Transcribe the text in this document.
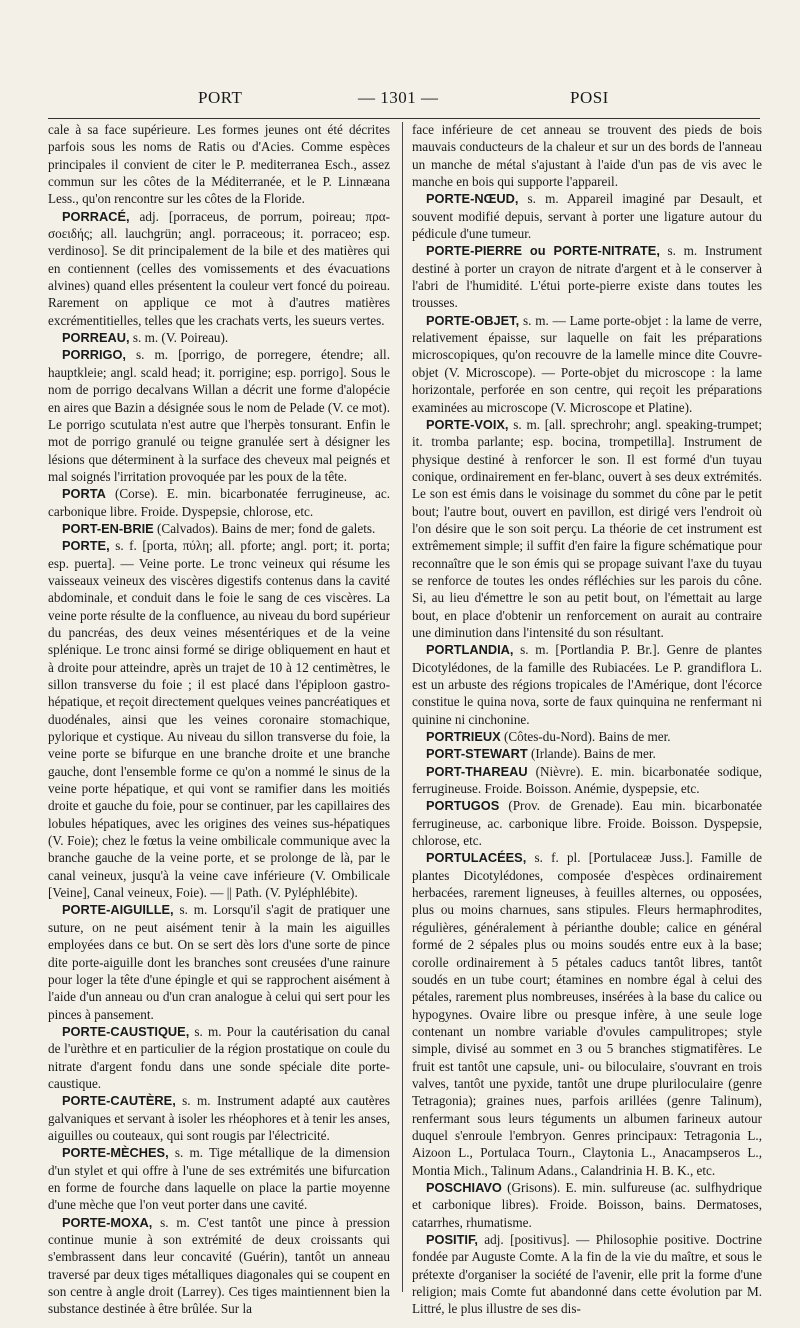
PORT	— 1301 —	POSI

cale à sa face supérieure. Les formes jeunes ont été décrites parfois sous les noms de Ratis ou d'Acies. Comme espèces principales il convient de citer le P. mediterranea Esch., assez commun sur les côtes de la Méditerranée, et le P. Linnæana Less., qu'on rencontre sur les côtes de la Floride.

PORRACÉ, adj. [porraceus, de porrum, poireau; πρα-σοειδής; all. lauchgrün; angl. porraceous; it. porraceo; esp. verdinoso]. Se dit principalement de la bile et des matières qui en contiennent (celles des vomissements et des évacuations alvines) quand elles présentent la couleur vert foncé du poireau. Rarement on applique ce mot à d'autres matières excrémentitielles, telles que les crachats verts, les sueurs vertes.

PORREAU, s. m. (V. Poireau).

PORRIGO, s. m. [porrigo, de porregere, étendre; all. hauptkleie; angl. scald head; it. porrigine; esp. porrigo]. Sous le nom de porrigo decalvans Willan a décrit une forme d'alopécie en aires que Bazin a désignée sous le nom de Pelade (V. ce mot). Le porrigo scutulata n'est autre que l'herpès tonsurant. Enfin le mot de porrigo granulé ou teigne granulée sert à désigner les lésions que déterminent à la surface des cheveux mal peignés et mal soignés l'irritation provoquée par les poux de la tête.

PORTA (Corse). E. min. bicarbonatée ferrugineuse, ac. carbonique libre. Froide. Dyspepsie, chlorose, etc.

PORT-EN-BRIE (Calvados). Bains de mer; fond de galets.

PORTE, s. f. [porta, πύλη; all. pforte; angl. port; it. porta; esp. puerta]. — Veine porte. Le tronc veineux qui résume les vaisseaux veineux des viscères digestifs contenus dans la cavité abdominale, et conduit dans le foie le sang de ces viscères. La veine porte résulte de la confluence, au niveau du bord supérieur du pancréas, des deux veines mésentériques et de la veine splénique. Le tronc ainsi formé se dirige obliquement en haut et à droite pour atteindre, après un trajet de 10 à 12 centimètres, le sillon transverse du foie ; il est placé dans l'épiploon gastro-hépatique, et reçoit directement quelques veines pancréatiques et duodénales, ainsi que les veines coronaire stomachique, pylorique et cystique. Au niveau du sillon transverse du foie, la veine porte se bifurque en une branche droite et une branche gauche, dont l'ensemble forme ce qu'on a nommé le sinus de la veine porte hépatique, et qui vont se ramifier dans les moitiés droite et gauche du foie, pour se continuer, par les capillaires des lobules hépatiques, avec les origines des veines sus-hépatiques (V. Foie); chez le fœtus la veine ombilicale communique avec la branche gauche de la veine porte, et se prolonge de là, par le canal veineux, jusqu'à la veine cave inférieure (V. Ombilicale [Veine], Canal veineux, Foie). — || Path. (V. Pyléphlébite).

PORTE-AIGUILLE, s. m. Lorsqu'il s'agit de pratiquer une suture, on ne peut aisément tenir à la main les aiguilles employées dans ce but. On se sert dès lors d'une sorte de pince dite porte-aiguille dont les branches sont creusées d'une rainure pour loger la tête d'une épingle et qui se rapprochent aisément à l'aide d'un anneau ou d'un cran analogue à celui qui sert pour les pinces à pansement.

PORTE-CAUSTIQUE, s. m. Pour la cautérisation du canal de l'urèthre et en particulier de la région prostatique on coule du nitrate d'argent fondu dans une sonde spéciale dite porte-caustique.

PORTE-CAUTÈRE, s. m. Instrument adapté aux cautères galvaniques et servant à isoler les rhéophores et à tenir les anses, aiguilles ou couteaux, qui sont rougis par l'électricité.

PORTE-MÈCHES, s. m. Tige métallique de la dimension d'un stylet et qui offre à l'une de ses extrémités une bifurcation en forme de fourche dans laquelle on place la partie moyenne d'une mèche que l'on veut porter dans une cavité.

PORTE-MOXA, s. m. C'est tantôt une pince à pression continue munie à son extrémité de deux croissants qui s'embrassent dans leur concavité (Guérin), tantôt un anneau traversé par deux tiges métalliques diagonales qui se coupent en son centre à angle droit (Larrey). Ces tiges maintiennent bien la substance destinée à être brûlée. Sur la

face inférieure de cet anneau se trouvent des pieds de bois mauvais conducteurs de la chaleur et sur un des bords de l'anneau un manche de métal s'ajustant à l'aide d'un pas de vis avec le manche en bois qui supporte l'appareil.

PORTE-NŒUD, s. m. Appareil imaginé par Desault, et souvent modifié depuis, servant à porter une ligature autour du pédicule d'une tumeur.

PORTE-PIERRE ou PORTE-NITRATE, s. m. Instrument destiné à porter un crayon de nitrate d'argent et à le conserver à l'abri de l'humidité. L'étui porte-pierre existe dans toutes les trousses.

PORTE-OBJET, s. m. — Lame porte-objet : la lame de verre, relativement épaisse, sur laquelle on fait les préparations microscopiques, qu'on recouvre de la lamelle mince dite Couvre-objet (V. Microscope). — Porte-objet du microscope : la lame horizontale, perforée en son centre, qui reçoit les préparations examinées au microscope (V. Microscope et Platine).

PORTE-VOIX, s. m. [all. sprechrohr; angl. speaking-trumpet; it. tromba parlante; esp. bocina, trompetilla]. Instrument de physique destiné à renforcer le son. Il est formé d'un tuyau conique, ordinairement en fer-blanc, ouvert à ses deux extrémités. Le son est émis dans le voisinage du sommet du cône par le petit bout; l'autre bout, ouvert en pavillon, est dirigé vers l'endroit où l'on désire que le son soit perçu. La théorie de cet instrument est extrêmement simple; il suffit d'en faire la figure schématique pour reconnaître que le son émis qui se propage suivant l'axe du tuyau se renforce de toutes les ondes réfléchies sur les parois du cône. Si, au lieu d'émettre le son au petit bout, on l'émettait au large bout, en place d'obtenir un renforcement on aurait au contraire une diminution dans l'intensité du son résultant.

PORTLANDIA, s. m. [Portlandia P. Br.]. Genre de plantes Dicotylédones, de la famille des Rubiacées. Le P. grandiflora L. est un arbuste des régions tropicales de l'Amérique, dont l'écorce constitue le quina nova, sorte de faux quinquina ne renfermant ni quinine ni cinchonine.

PORTRIEUX (Côtes-du-Nord). Bains de mer.

PORT-STEWART (Irlande). Bains de mer.

PORT-THAREAU (Nièvre). E. min. bicarbonatée sodique, ferrugineuse. Froide. Boisson. Anémie, dyspepsie, etc.

PORTUGOS (Prov. de Grenade). Eau min. bicarbonatée ferrugineuse, ac. carbonique libre. Froide. Boisson. Dyspepsie, chlorose, etc.

PORTULACÉES, s. f. pl. [Portulaceæ Juss.]. Famille de plantes Dicotylédones, composée d'espèces ordinairement herbacées, rarement ligneuses, à feuilles alternes, ou opposées, plus ou moins charnues, sans stipules. Fleurs hermaphrodites, régulières, généralement à périanthe double; calice en général formé de 2 sépales plus ou moins soudés entre eux à la base; corolle ordinairement à 5 pétales caducs tantôt libres, tantôt soudés en un tube court; étamines en nombre égal à celui des pétales, rarement plus nombreuses, insérées à la base du calice ou hypogynes. Ovaire libre ou presque infère, à une seule loge contenant un nombre variable d'ovules campulitropes; style simple, divisé au sommet en 3 ou 5 branches stigmatifères. Le fruit est tantôt une capsule, uni- ou biloculaire, s'ouvrant en trois valves, tantôt une pyxide, tantôt une drupe pluriloculaire (genre Tetragonia); graines nues, parfois arillées (genre Talinum), renfermant sous leurs téguments un albumen farineux autour duquel s'enroule l'embryon. Genres principaux: Tetragonia L., Aizoon L., Portulaca Tourn., Claytonia L., Anacampseros L., Montia Mich., Talinum Adans., Calandrinia H. B. K., etc.

POSCHIAVO (Grisons). E. min. sulfureuse (ac. sulfhydrique et carbonique libres). Froide. Boisson, bains. Dermatoses, catarrhes, rhumatisme.

POSITIF, adj. [positivus]. — Philosophie positive. Doctrine fondée par Auguste Comte. A la fin de la vie du maître, et sous le prétexte d'organiser la société de l'avenir, elle prit la forme d'une religion; mais Comte fut abandonné dans cette évolution par M. Littré, le plus illustre de ses dis-
